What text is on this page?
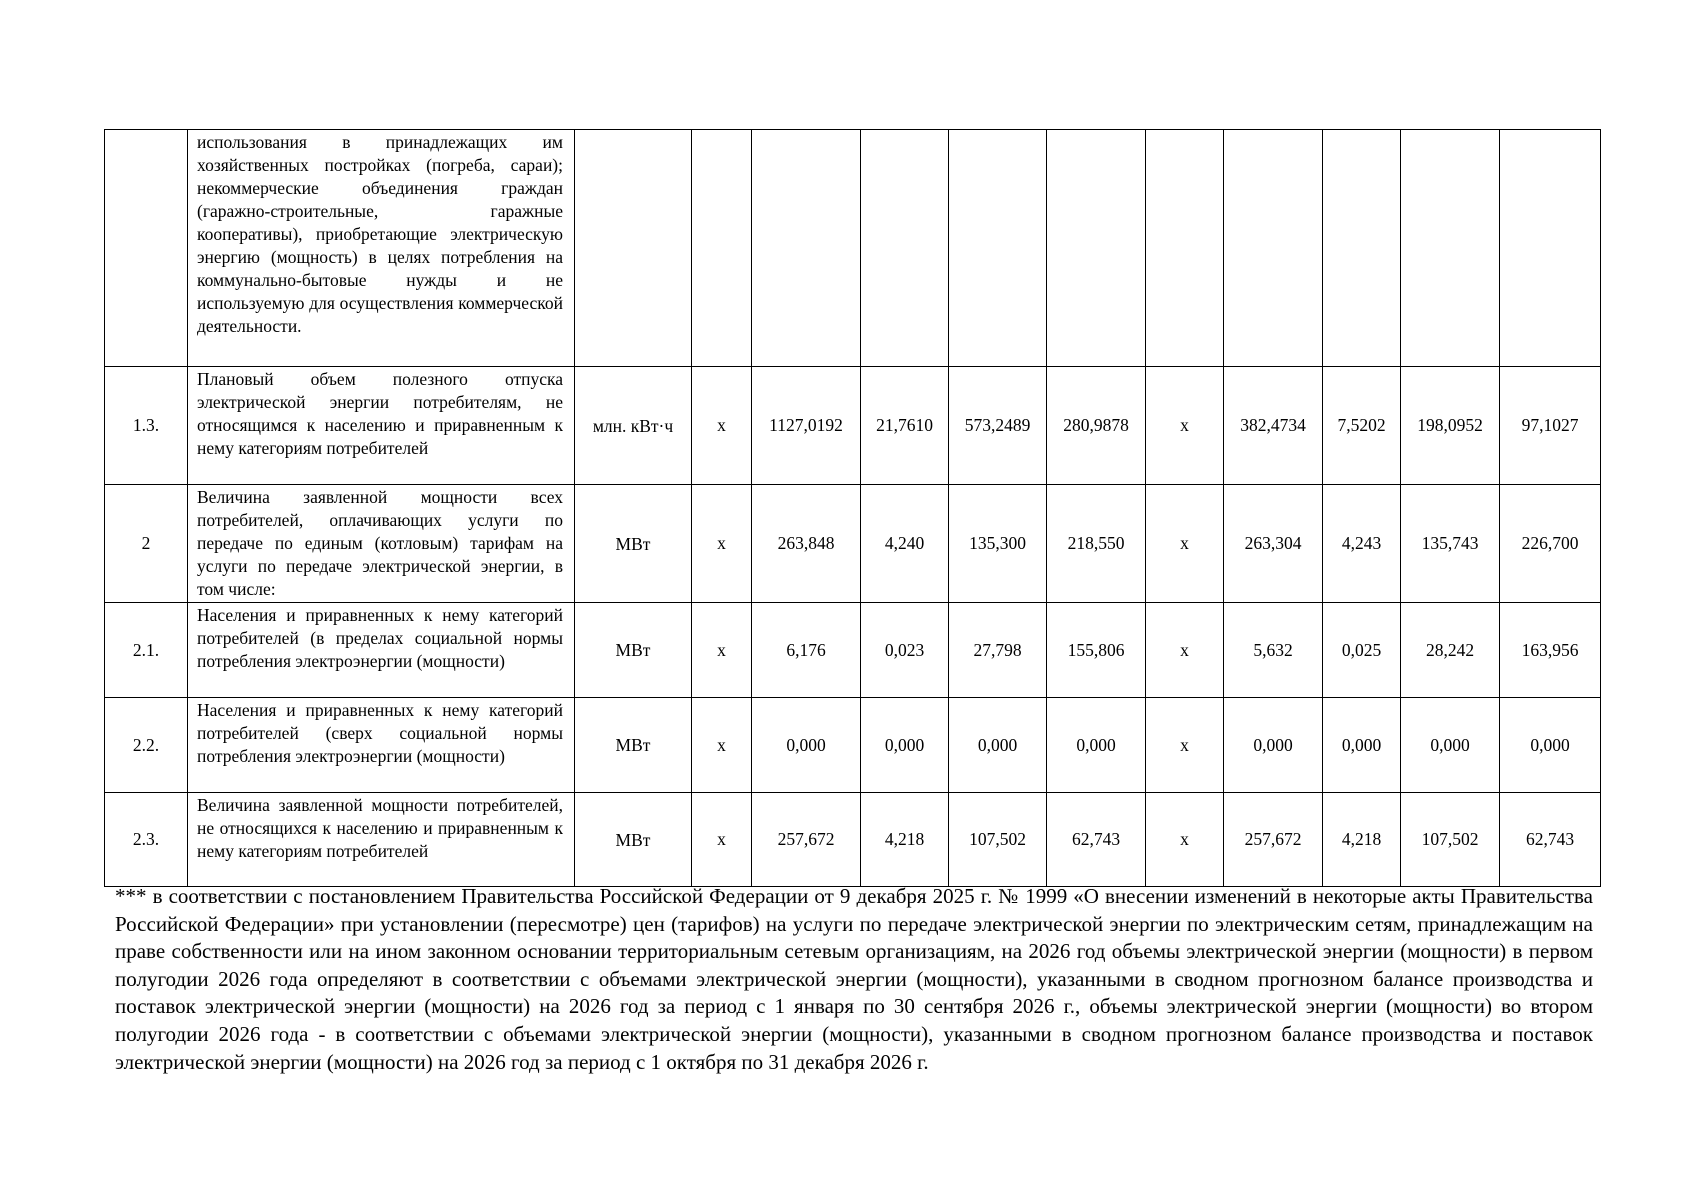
	использования в принадлежащих им хозяйственных постройках (погреба, сараи); некоммерческие объединения граждан (гаражно-строительные, гаражные кооперативы), приобретающие электрическую энергию (мощность) в целях потребления на коммунально-бытовые нужды и не используемую для осуществления коммерческой деятельности.											
1.3.	Плановый объем полезного отпуска электрической энергии потребителям, не относящимся к населению и приравненным к нему категориям потребителей	млн. кВт·ч	х	1127,0192	21,7610	573,2489	280,9878	х	382,4734	7,5202	198,0952	97,1027
2	Величина заявленной мощности всех потребителей, оплачивающих услуги по передаче по единым (котловым) тарифам на услуги по передаче электрической энергии, в том числе:	МВт	х	263,848	4,240	135,300	218,550	х	263,304	4,243	135,743	226,700
2.1.	Населения и приравненных к нему категорий потребителей (в пределах социальной нормы потребления электроэнергии (мощности)	МВт	х	6,176	0,023	27,798	155,806	х	5,632	0,025	28,242	163,956
2.2.	Населения и приравненных к нему категорий потребителей (сверх социальной нормы потребления электроэнергии (мощности)	МВт	х	0,000	0,000	0,000	0,000	х	0,000	0,000	0,000	0,000
2.3.	Величина заявленной мощности потребителей, не относящихся к населению и приравненным к нему категориям потребителей	МВт	х	257,672	4,218	107,502	62,743	х	257,672	4,218	107,502	62,743

*** в соответствии с постановлением Правительства Российской Федерации от 9 декабря 2025 г. № 1999 «О внесении изменений в некоторые акты Правительства Российской Федерации» при установлении (пересмотре) цен (тарифов) на услуги по передаче электрической энергии по электрическим сетям, принадлежащим на праве собственности или на ином законном основании территориальным сетевым организациям, на 2026 год объемы электрической энергии (мощности) в первом полугодии 2026 года определяют в соответствии с объемами электрической энергии (мощности), указанными в сводном прогнозном балансе производства и поставок электрической энергии (мощности) на 2026 год за период с 1 января по 30 сентября 2026 г., объемы электрической энергии (мощности) во втором полугодии 2026 года - в соответствии с объемами электрической энергии (мощности), указанными в сводном прогнозном балансе производства и поставок электрической энергии (мощности) на 2026 год за период с 1 октября по 31 декабря 2026 г.
